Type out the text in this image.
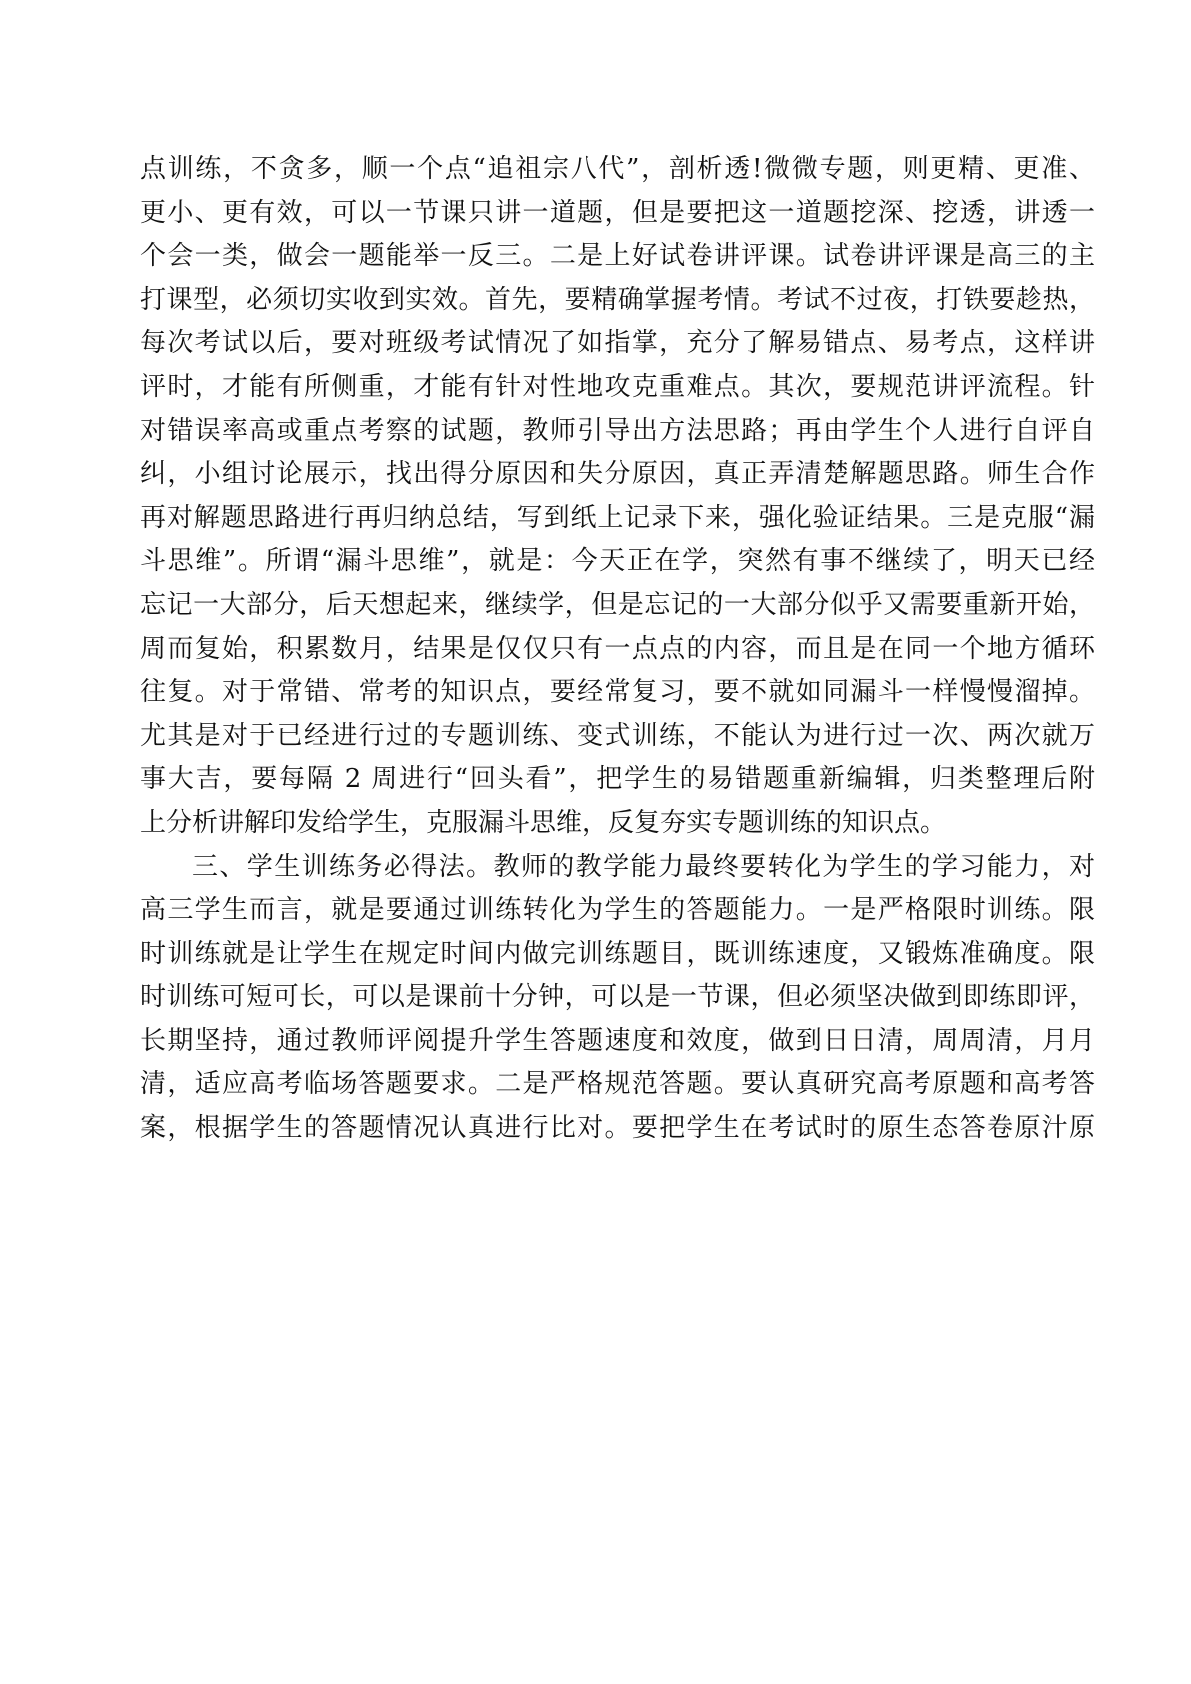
点训练，不贪多，顺一个点“追祖宗八代”，剖析透!微微专题，则更精、更准、
更小、更有效，可以一节课只讲一道题，但是要把这一道题挖深、挖透，讲透一
个会一类，做会一题能举一反三。二是上好试卷讲评课。试卷讲评课是高三的主
打课型，必须切实收到实效。首先，要精确掌握考情。考试不过夜，打铁要趁热，
每次考试以后，要对班级考试情况了如指掌，充分了解易错点、易考点，这样讲
评时，才能有所侧重，才能有针对性地攻克重难点。其次，要规范讲评流程。针
对错误率高或重点考察的试题，教师引导出方法思路；再由学生个人进行自评自
纠，小组讨论展示，找出得分原因和失分原因，真正弄清楚解题思路。师生合作
再对解题思路进行再归纳总结，写到纸上记录下来，强化验证结果。三是克服“漏
斗思维”。所谓“漏斗思维”，就是：今天正在学，突然有事不继续了，明天已经
忘记一大部分，后天想起来，继续学，但是忘记的一大部分似乎又需要重新开始，
周而复始，积累数月，结果是仅仅只有一点点的内容，而且是在同一个地方循环
往复。对于常错、常考的知识点，要经常复习，要不就如同漏斗一样慢慢溜掉。
尤其是对于已经进行过的专题训练、变式训练，不能认为进行过一次、两次就万
事大吉，要每隔 2 周进行“回头看”，把学生的易错题重新编辑，归类整理后附
上分析讲解印发给学生，克服漏斗思维，反复夯实专题训练的知识点。
三、学生训练务必得法。教师的教学能力最终要转化为学生的学习能力，对
高三学生而言，就是要通过训练转化为学生的答题能力。一是严格限时训练。限
时训练就是让学生在规定时间内做完训练题目，既训练速度，又锻炼准确度。限
时训练可短可长，可以是课前十分钟，可以是一节课，但必须坚决做到即练即评，
长期坚持，通过教师评阅提升学生答题速度和效度，做到日日清，周周清，月月
清，适应高考临场答题要求。二是严格规范答题。要认真研究高考原题和高考答
案，根据学生的答题情况认真进行比对。要把学生在考试时的原生态答卷原汁原
